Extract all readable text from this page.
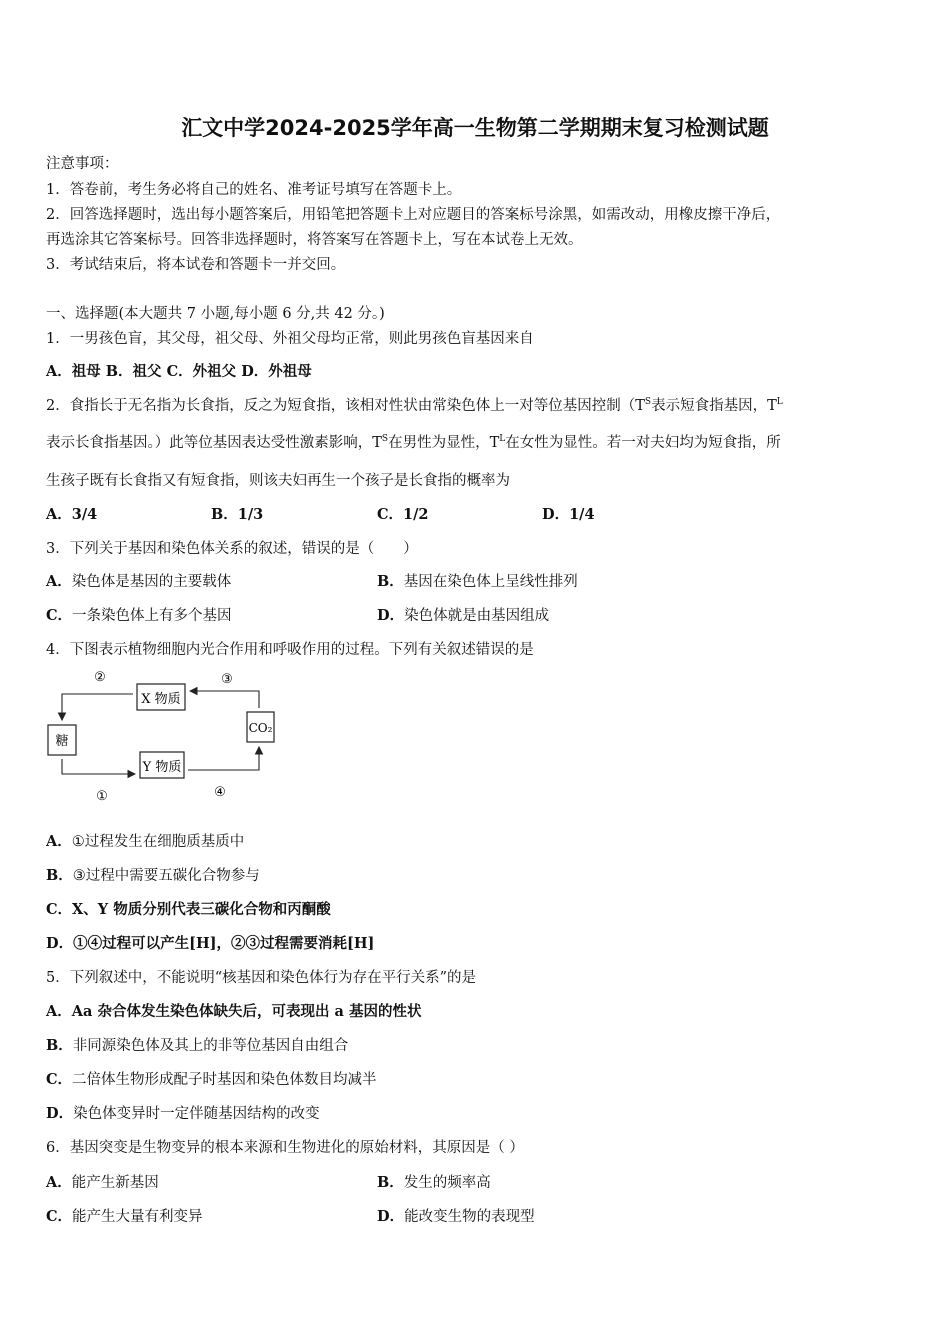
汇文中学2024-2025学年高一生物第二学期期末复习检测试题
注意事项：
1．答卷前，考生务必将自己的姓名、准考证号填写在答题卡上。
2．回答选择题时，选出每小题答案后，用铅笔把答题卡上对应题目的答案标号涂黑，如需改动，用橡皮擦干净后，
再选涂其它答案标号。回答非选择题时，将答案写在答题卡上，写在本试卷上无效。
3．考试结束后，将本试卷和答题卡一并交回。
一、选择题(本大题共 7 小题,每小题 6 分,共 42 分。)
1．一男孩色盲，其父母，祖父母、外祖父母均正常，则此男孩色盲基因来自
A．祖母 B．祖父 C．外祖父 D．外祖母
2．食指长于无名指为长食指，反之为短食指，该相对性状由常染色体上一对等位基因控制（$T^S$表示短食指基因，$T^L$
表示长食指基因。）此等位基因表达受性激素影响，$T^S$在男性为显性，$T^L$在女性为显性。若一对夫妇均为短食指，所
生孩子既有长食指又有短食指，则该夫妇再生一个孩子是长食指的概率为
A．3/4	B．1/3	C．1/2	D．1/4
3．下列关于基因和染色体关系的叙述，错误的是（　　）
A．染色体是基因的主要载体	B．基因在染色体上呈线性排列
C．一条染色体上有多个基因	D．染色体就是由基因组成
4．下图表示植物细胞内光合作用和呼吸作用的过程。下列有关叙述错误的是
X 物质
Y 物质
糖
CO₂
②	③
①	④
A．①过程发生在细胞质基质中
B．③过程中需要五碳化合物参与
C．X、Y 物质分别代表三碳化合物和丙酮酸
D．①④过程可以产生[H]，②③过程需要消耗[H]
5．下列叙述中，不能说明“核基因和染色体行为存在平行关系”的是
A．Aa 杂合体发生染色体缺失后，可表现出 a 基因的性状
B．非同源染色体及其上的非等位基因自由组合
C．二倍体生物形成配子时基因和染色体数目均减半
D．染色体变异时一定伴随基因结构的改变
6．基因突变是生物变异的根本来源和生物进化的原始材料，其原因是（ ）
A．能产生新基因	B．发生的频率高
C．能产生大量有利变异	D．能改变生物的表现型
